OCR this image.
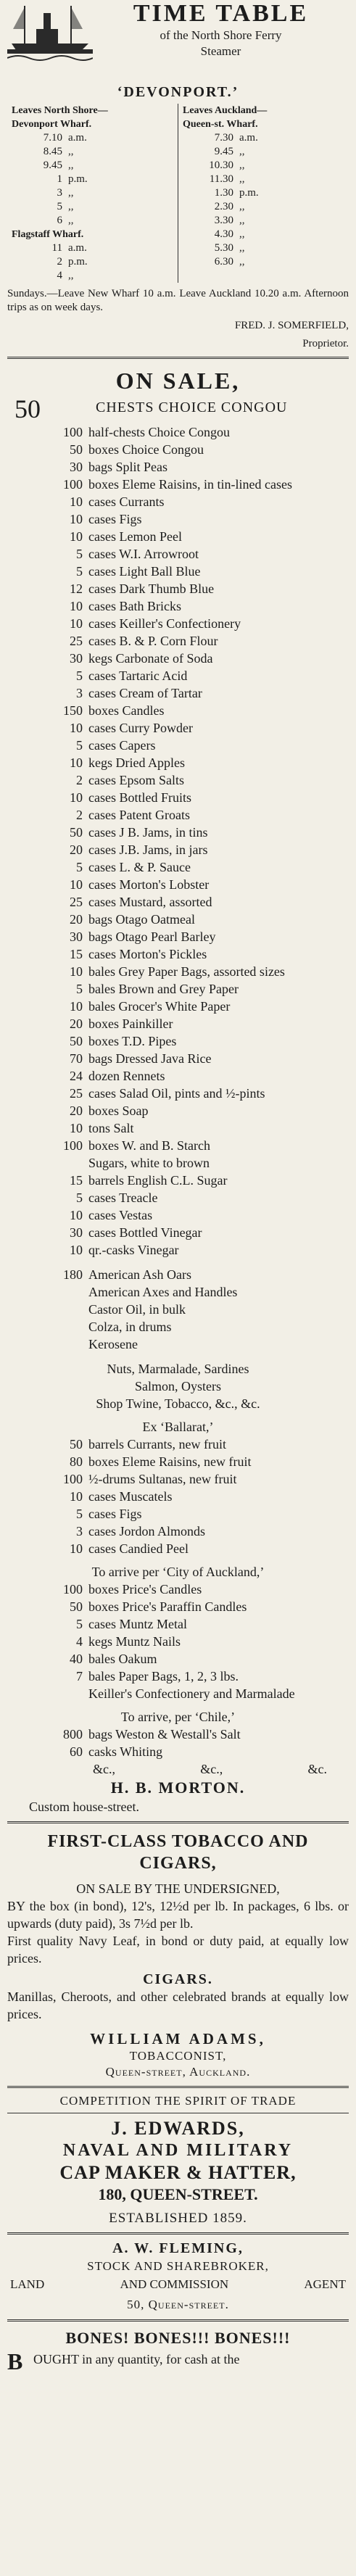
TIME TABLE
of the North Shore Ferry
Steamer
‘DEVONPORT.’
Leaves North Shore—
Devonport Wharf.
7.10 a.m.
8.45 ,,
9.45 ,,
1 p.m.
3 ,,
5 ,,
6 ,,
Flagstaff Wharf.
11 a.m.
2 p.m.
4 ,,
Leaves Auckland—
Queen-st. Wharf.
7.30 a.m.
9.45 ,,
10.30 ,,
11.30 ,,
1.30 p.m.
2.30 ,,
3.30 ,,
4.30 ,,
5.30 ,,
6.30 ,,
Sundays.—Leave New Wharf 10 a.m. Leave Auckland 10.20 a.m. Afternoon trips as on week days.
FRED. J. SOMERFIELD,
Proprietor.
ON SALE,
50	CHESTS CHOICE CONGOU
100 half-chests Choice Congou
50 boxes Choice Congou
30 bags Split Peas
100 boxes Eleme Raisins, in tin-lined cases
10 cases Currants
10 cases Figs
10 cases Lemon Peel
5 cases W.I. Arrowroot
5 cases Light Ball Blue
12 cases Dark Thumb Blue
10 cases Bath Bricks
10 cases Keiller's Confectionery
25 cases B. & P. Corn Flour
30 kegs Carbonate of Soda
5 cases Tartaric Acid
3 cases Cream of Tartar
150 boxes Candles
10 cases Curry Powder
5 cases Capers
10 kegs Dried Apples
2 cases Epsom Salts
10 cases Bottled Fruits
2 cases Patent Groats
50 cases J B. Jams, in tins
20 cases J.B. Jams, in jars
5 cases L. & P. Sauce
10 cases Morton's Lobster
25 cases Mustard, assorted
20 bags Otago Oatmeal
30 bags Otago Pearl Barley
15 cases Morton's Pickles
10 bales Grey Paper Bags, assorted sizes
5 bales Brown and Grey Paper
10 bales Grocer's White Paper
20 boxes Painkiller
50 boxes T.D. Pipes
70 bags Dressed Java Rice
24 dozen Rennets
25 cases Salad Oil, pints and ½-pints
20 boxes Soap
10 tons Salt
100 boxes W. and B. Starch
Sugars, white to brown
15 barrels English C.L. Sugar
5 cases Treacle
10 cases Vestas
30 cases Bottled Vinegar
10 qr.-casks Vinegar
180 American Ash Oars
American Axes and Handles
Castor Oil, in bulk
Colza, in drums
Kerosene
Nuts, Marmalade, Sardines
Salmon, Oysters
Shop Twine, Tobacco, &c., &c.
Ex ‘Ballarat,’
50 barrels Currants, new fruit
80 boxes Eleme Raisins, new fruit
100 ½-drums Sultanas, new fruit
10 cases Muscatels
5 cases Figs
3 cases Jordon Almonds
10 cases Candied Peel
To arrive per ‘City of Auckland,’
100 boxes Price's Candles
50 boxes Price's Paraffin Candles
5 cases Muntz Metal
4 kegs Muntz Nails
40 bales Oakum
7 bales Paper Bags, 1, 2, 3 lbs.
Keiller's Confectionery and Marmalade
To arrive, per ‘Chile,’
800 bags Weston & Westall's Salt
60 casks Whiting
&c.,	&c.,	&c.
H. B. MORTON.
Custom house-street.
FIRST-CLASS TOBACCO AND CIGARS,
ON SALE BY THE UNDERSIGNED,
BY the box (in bond), 12's, 12½d per lb. In packages, 6 lbs. or upwards (duty paid), 3s 7½d per lb.
First quality Navy Leaf, in bond or duty paid, at equally low prices.
CIGARS.
Manillas, Cheroots, and other celebrated brands at equally low prices.
WILLIAM ADAMS,
TOBACCONIST,
Queen-street, Auckland.
COMPETITION THE SPIRIT OF TRADE
J. EDWARDS,
NAVAL AND MILITARY
CAP MAKER & HATTER,
180, QUEEN-STREET.
ESTABLISHED 1859.
A. W. FLEMING,
STOCK AND SHAREBROKER,
LAND	AND COMMISSION	AGENT
50, Queen-street.
BONES! BONES!!! BONES!!!
B OUGHT in any quantity, for cash at the
